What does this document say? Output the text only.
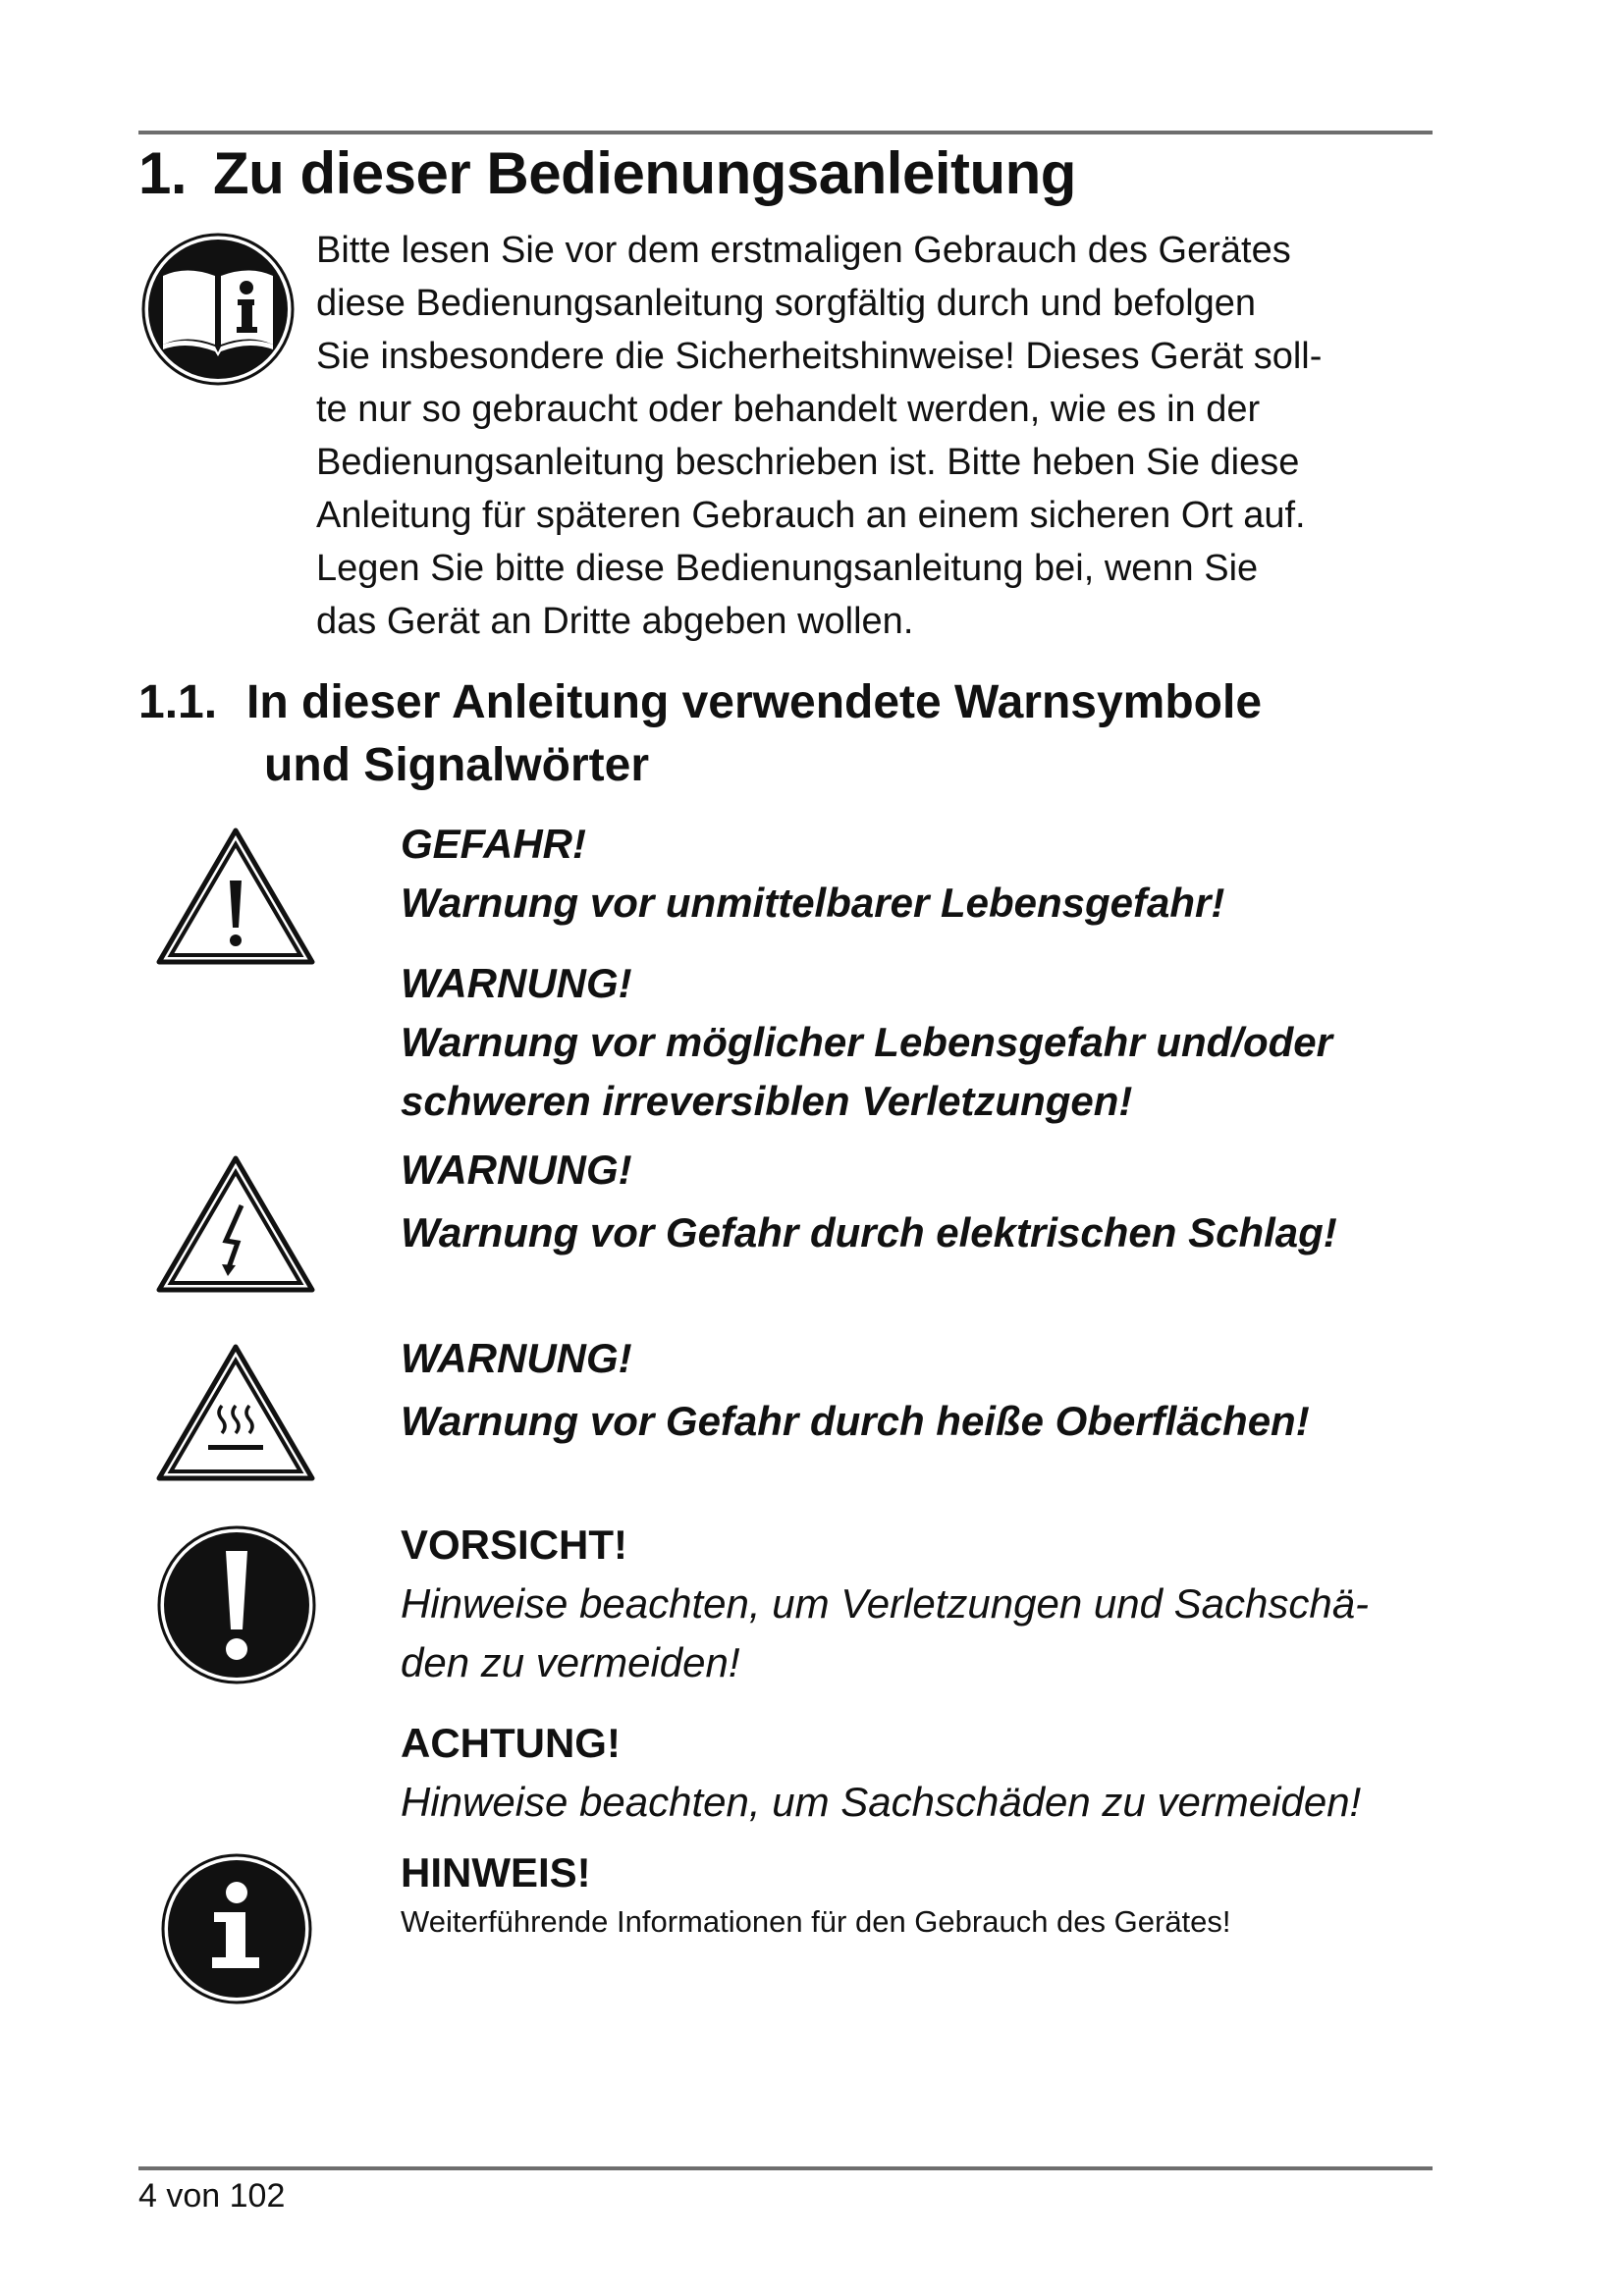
1. Zu dieser Bedienungsanleitung

Bitte lesen Sie vor dem erstmaligen Gebrauch des Gerätes
diese Bedienungsanleitung sorgfältig durch und befolgen
Sie insbesondere die Sicherheitshinweise! Dieses Gerät soll-
te nur so gebraucht oder behandelt werden, wie es in der
Bedienungsanleitung beschrieben ist. Bitte heben Sie diese
Anleitung für späteren Gebrauch an einem sicheren Ort auf.
Legen Sie bitte diese Bedienungsanleitung bei, wenn Sie
das Gerät an Dritte abgeben wollen.

1.1. In dieser Anleitung verwendete Warnsymbole
und Signalwörter

GEFAHR!
Warnung vor unmittelbarer Lebensgefahr!

WARNUNG!
Warnung vor möglicher Lebensgefahr und/oder
schweren irreversiblen Verletzungen!

WARNUNG!
Warnung vor Gefahr durch elektrischen Schlag!

WARNUNG!
Warnung vor Gefahr durch heiße Oberflächen!

VORSICHT!
Hinweise beachten, um Verletzungen und Sachschä-
den zu vermeiden!

ACHTUNG!
Hinweise beachten, um Sachschäden zu vermeiden!

HINWEIS!
Weiterführende Informationen für den Gebrauch des Gerätes!

4 von 102
